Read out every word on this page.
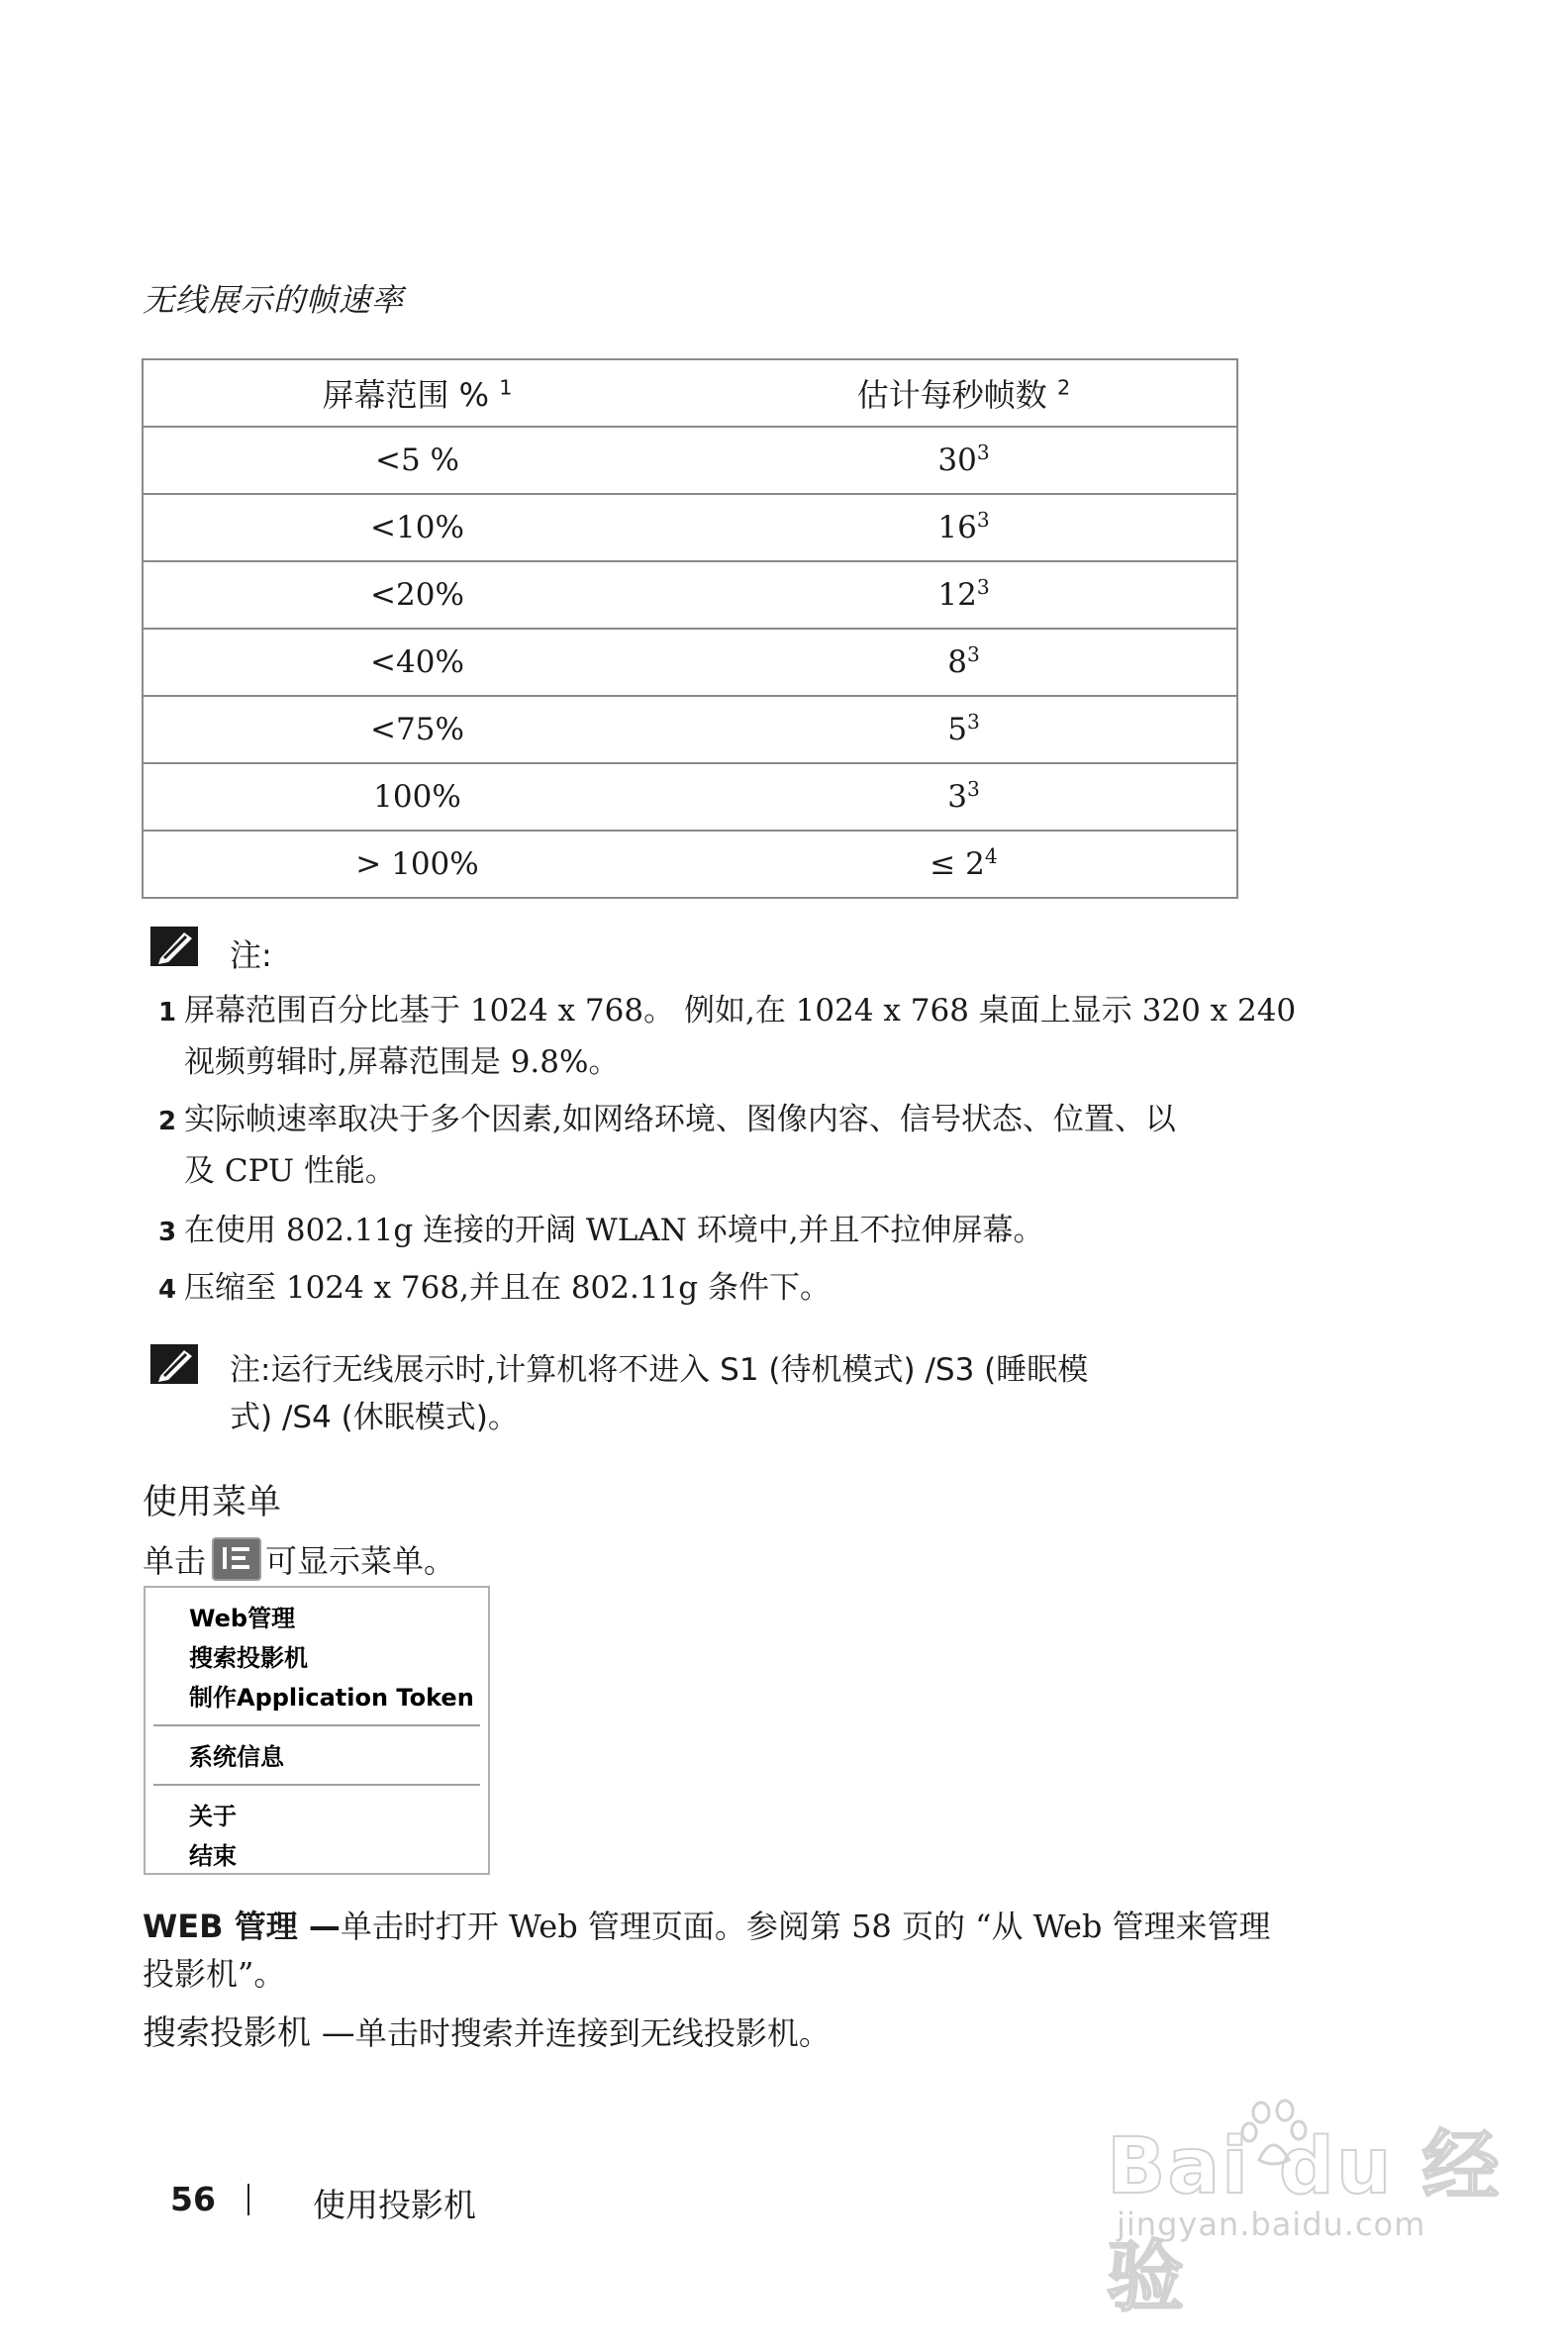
无线展示的帧速率
屏幕范围 % $^1$	估计每秒帧数 $^2$
<5 %	$30^3$
<10%	$16^3$
<20%	$12^3$
<40%	$8^3$
<75%	$5^3$
100%	$3^3$
> 100%	≤ $2^4$
注:
1 屏幕范围百分比基于 1024 x 768。 例如,在 1024 x 768 桌面上显示 320 x 240
视频剪辑时,屏幕范围是 9.8%。
2 实际帧速率取决于多个因素,如网络环境、图像内容、信号状态、位置、以
及 CPU 性能。
3 在使用 802.11g 连接的开阔 WLAN 环境中,并且不拉伸屏幕。
4 压缩至 1024 x 768,并且在 802.11g 条件下。
注:运行无线展示时,计算机将不进入 S1 (待机模式) /S3 (睡眠模
式) /S4 (休眠模式)。
使用菜单
单击 可显示菜单。
Web管理
搜索投影机
制作Application Token
系统信息
关于
结束
WEB 管理 —单击时打开 Web 管理页面。参阅第 58 页的 “从 Web 管理来管理
投影机”。
搜索投影机 —单击时搜索并连接到无线投影机。
56	使用投影机	Bai du 经验
jingyan.baidu.com
